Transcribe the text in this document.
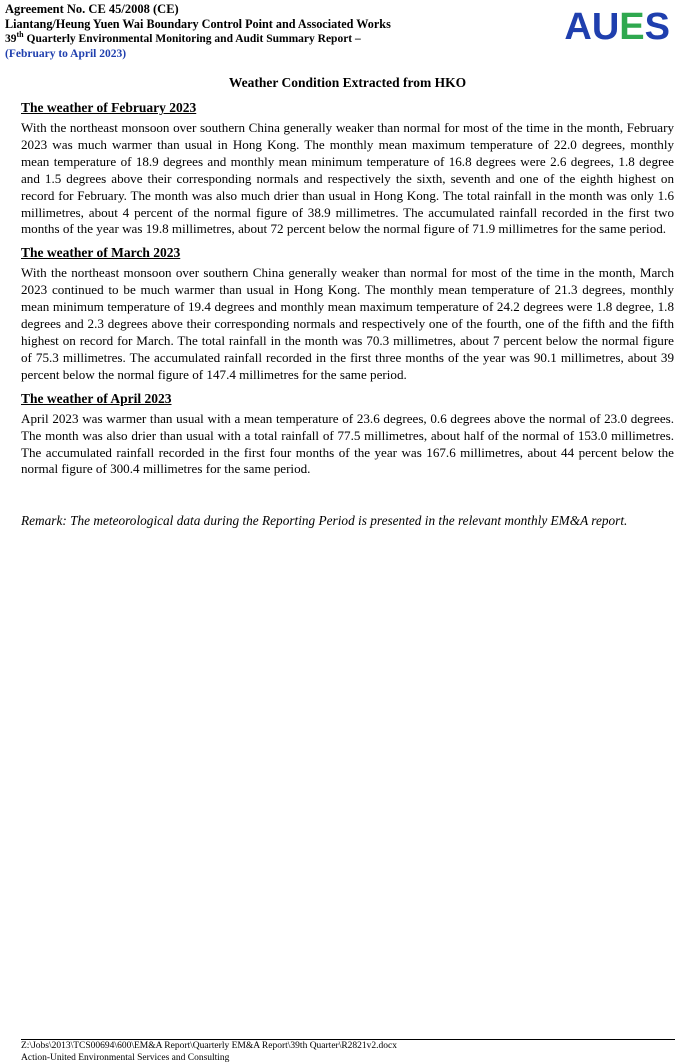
Agreement No. CE 45/2008 (CE)
Liantang/Heung Yuen Wai Boundary Control Point and Associated Works
39th Quarterly Environmental Monitoring and Audit Summary Report –
(February to April 2023)
AUES
Weather Condition Extracted from HKO
The weather of February 2023

With the northeast monsoon over southern China generally weaker than normal for most of the time in the month, February 2023 was much warmer than usual in Hong Kong. The monthly mean maximum temperature of 22.0 degrees, monthly mean temperature of 18.9 degrees and monthly mean minimum temperature of 16.8 degrees were 2.6 degrees, 1.8 degree and 1.5 degrees above their corresponding normals and respectively the sixth, seventh and one of the eighth highest on record for February. The month was also much drier than usual in Hong Kong. The total rainfall in the month was only 1.6 millimetres, about 4 percent of the normal figure of 38.9 millimetres. The accumulated rainfall recorded in the first two months of the year was 19.8 millimetres, about 72 percent below the normal figure of 71.9 millimetres for the same period.

The weather of March 2023

With the northeast monsoon over southern China generally weaker than normal for most of the time in the month, March 2023 continued to be much warmer than usual in Hong Kong. The monthly mean temperature of 21.3 degrees, monthly mean minimum temperature of 19.4 degrees and monthly mean maximum temperature of 24.2 degrees were 1.8 degree, 1.8 degrees and 2.3 degrees above their corresponding normals and respectively one of the fourth, one of the fifth and the fifth highest on record for March. The total rainfall in the month was 70.3 millimetres, about 7 percent below the normal figure of 75.3 millimetres. The accumulated rainfall recorded in the first three months of the year was 90.1 millimetres, about 39 percent below the normal figure of 147.4 millimetres for the same period.

The weather of April 2023

April 2023 was warmer than usual with a mean temperature of 23.6 degrees, 0.6 degrees above the normal of 23.0 degrees. The month was also drier than usual with a total rainfall of 77.5 millimetres, about half of the normal of 153.0 millimetres. The accumulated rainfall recorded in the first four months of the year was 167.6 millimetres, about 44 percent below the normal figure of 300.4 millimetres for the same period.

Remark: The meteorological data during the Reporting Period is presented in the relevant monthly EM&A report.

Z:\Jobs\2013\TCS00694\600\EM&A Report\Quarterly EM&A Report\39th Quarter\R2821v2.docx
Action-United Environmental Services and Consulting
